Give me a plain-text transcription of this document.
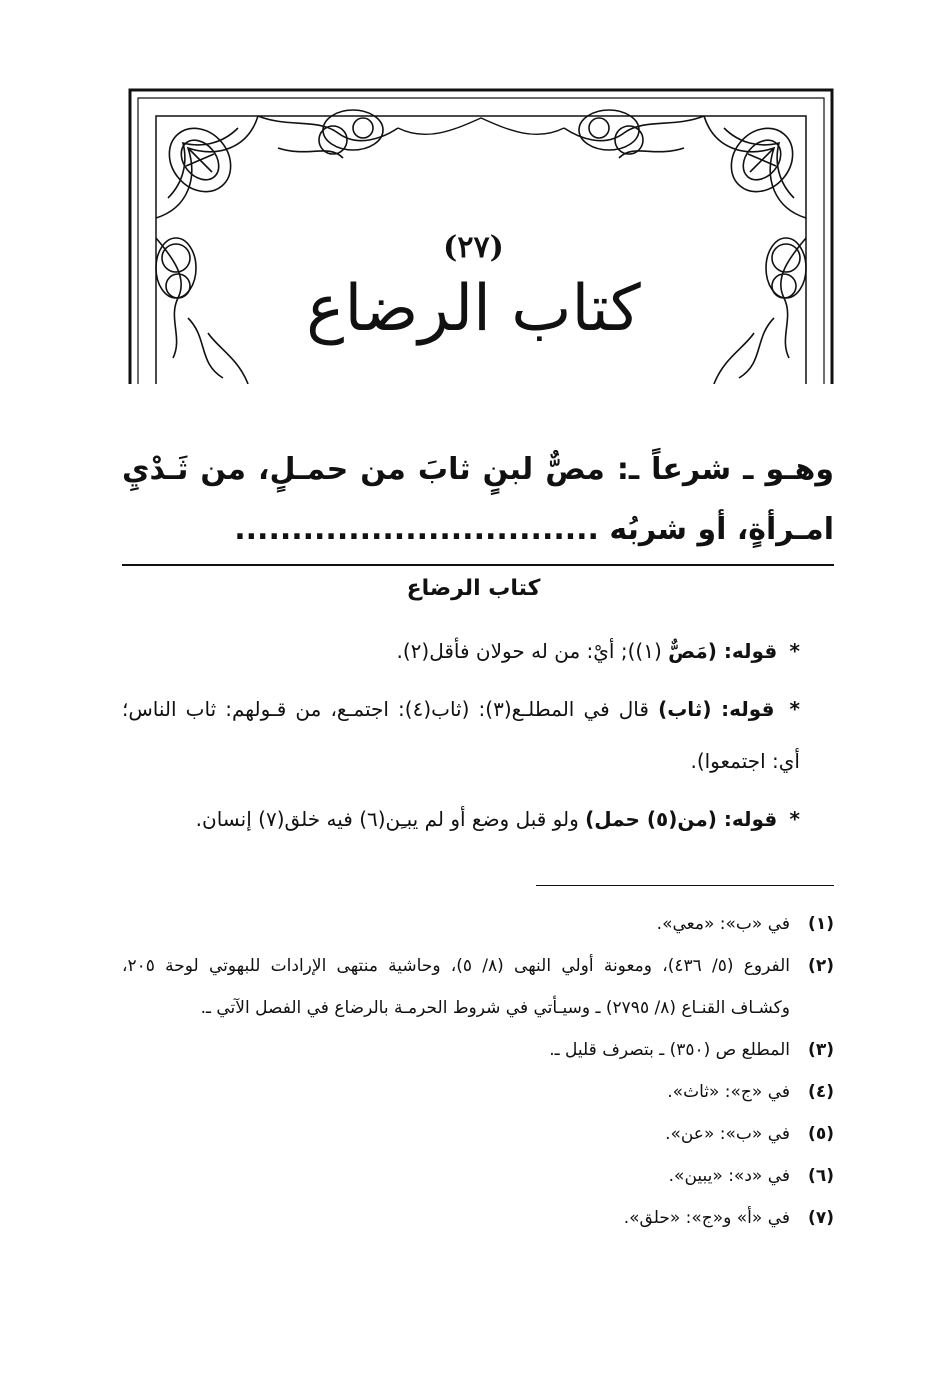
(٢٧)
كتاب الرضاع
وهـو ـ شرعاً ـ: مصٌّ لبنٍ ثابَ من حمـلٍ، من ثَـدْيِ امـرأةٍ، أو شربُه ................................
كتاب الرضاع

* قوله: (مَصٌّ (١)); أيْ: من له حولان فأقل(٢).

* قوله: (ثاب) قال في المطلـع(٣): (ثاب(٤): اجتمـع، من قـولهم: ثاب الناس؛ أي: اجتمعوا).

* قوله: (من(٥) حمل) ولو قبل وضع أو لم يبـِن(٦) فيه خلق(٧) إنسان.

(١)
في «ب»: «معي».
(٢)
الفروع (٥/ ٤٣٦)، ومعونة أولي النهى (٨/ ٥)، وحاشية منتهى الإرادات للبهوتي لوحة ٢٠٥، وكشـاف القنـاع (٨/ ٢٧٩٥) ـ وسيـأتي في شروط الحرمـة بالرضاع في الفصل الآتي ـ.
(٣)
المطلع ص (٣٥٠) ـ بتصرف قليل ـ.
(٤)
في «ج»: «ثاث».
(٥)
في «ب»: «عن».
(٦)
في «د»: «يبين».
(٧)
في «أ» و«ج»: «حلق».
